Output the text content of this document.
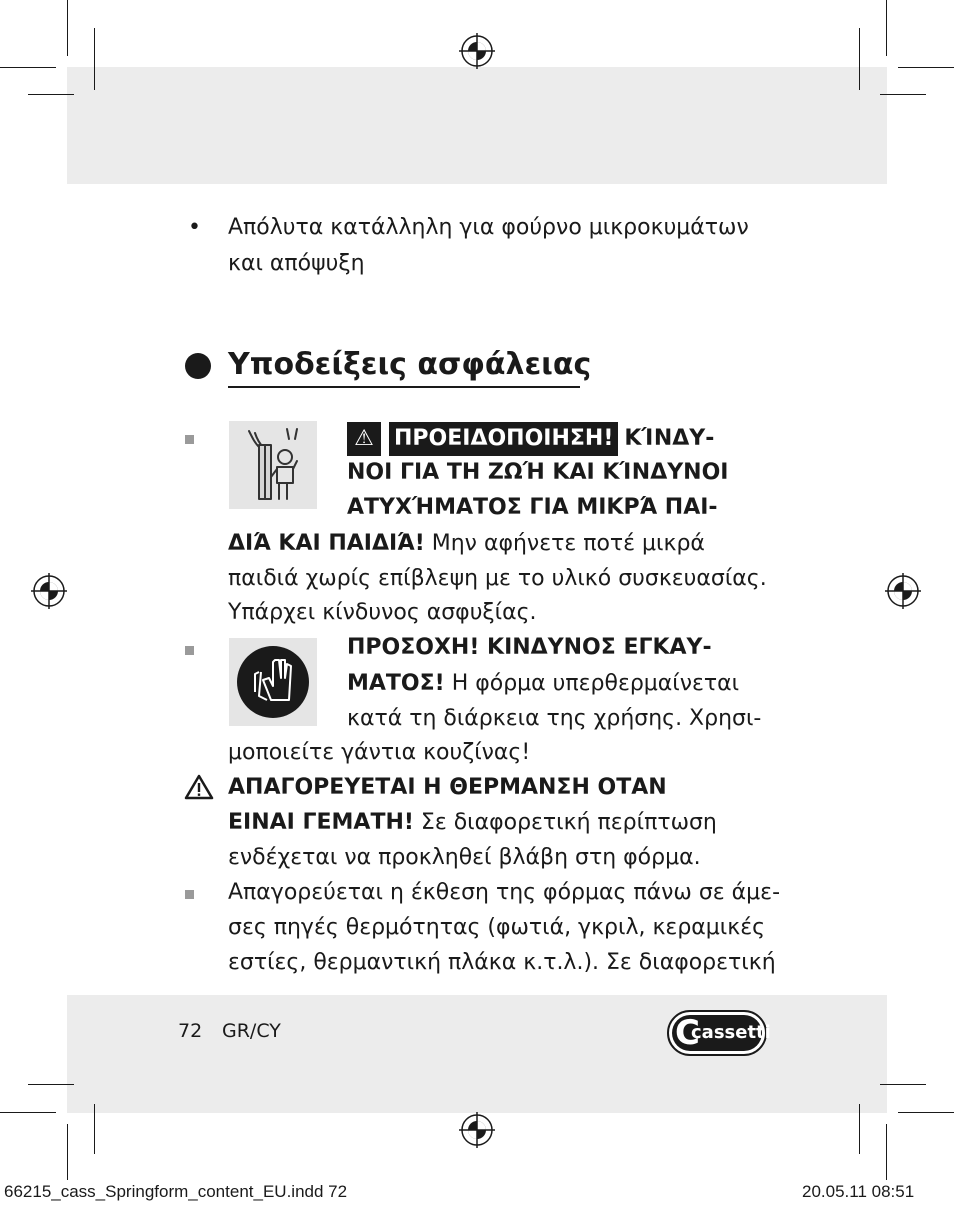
• Απόλυτα κατάλληλη για φούρνο μικροκυμάτων
και απόψυξη
Υποδείξεις ασφάλειας
⚠ ΠΡΟΕΙΔΟΠΟΙΗΣΗ! ΚΊΝΔΥ-
ΝΟΙ ΓΙΑ ΤΗ ΖΩΉ ΚΑΙ ΚΊΝΔΥΝΟΙ
ΑΤΥΧΉΜΑΤΟΣ ΓΙΑ ΜΙΚΡΆ ΠΑΙ-
ΔΙΆ ΚΑΙ ΠΑΙΔΙΆ! Μην αφήνετε ποτέ μικρά
παιδιά χωρίς επίβλεψη με το υλικό συσκευασίας.
Υπάρχει κίνδυνος ασφυξίας.
ΠΡΟΣΟΧΗ! ΚΙΝΔΥΝΟΣ ΕΓΚΑΥ-
ΜΑΤΟΣ! Η φόρμα υπερθερμαίνεται
κατά τη διάρκεια της χρήσης. Χρησι-
μοποιείτε γάντια κουζίνας!
ΑΠΑΓΟΡΕΥΕΤΑΙ Η ΘΕΡΜΑΝΣΗ ΟΤΑΝ
ΕΙΝΑΙ ΓΕΜΑΤΗ! Σε διαφορετική περίπτωση
ενδέχεται να προκληθεί βλάβη στη φόρμα.
Απαγορεύεται η έκθεση της φόρμας πάνω σε άμε-
σες πηγές θερμότητας (φωτιά, γκριλ, κεραμικές
εστίες, θερμαντική πλάκα κ.τ.λ.). Σε διαφορετική
72 GR/CY	C
cassetti
66215_cass_Springform_content_EU.indd 72	20.05.11 08:51
